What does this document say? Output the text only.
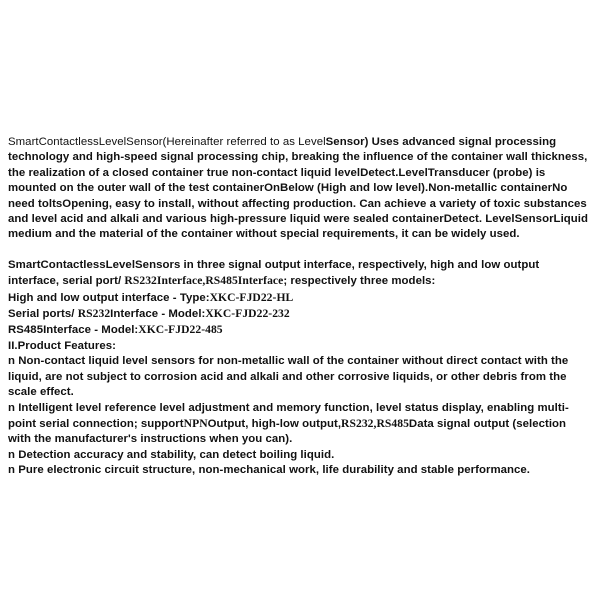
SmartContactlessLevelSensor(Hereinafter referred to as LevelSensor) Uses advanced signal processing technology and high-speed signal processing chip, breaking the influence of the container wall thickness, the realization of a closed container true non-contact liquid levelDetect.LevelTransducer (probe) is mounted on the outer wall of the test containerOnBelow (High and low level).Non-metallic containerNo need toltsOpening, easy to install, without affecting production. Can achieve a variety of toxic substances and level acid and alkali and various high-pressure liquid were sealed containerDetect. LevelSensorLiquid medium and the material of the container without special requirements, it can be widely used.

SmartContactlessLevelSensors in three signal output interface, respectively, high and low output interface, serial port/ RS232Interface,RS485Interface; respectively three models:

High and low output interface - Type:XKC-FJD22-HL

Serial ports/ RS232Interface - Model:XKC-FJD22-232

RS485Interface - Model:XKC-FJD22-485

II.Product Features:

n Non-contact liquid level sensors for non-metallic wall of the container without direct contact with the liquid, are not subject to corrosion acid and alkali and other corrosive liquids, or other debris from the scale effect.

n Intelligent level reference level adjustment and memory function, level status display, enabling multi-point serial connection; supportNPNOutput, high-low output,RS232,RS485Data signal output (selection with the manufacturer's instructions when you can).

n Detection accuracy and stability, can detect boiling liquid.

n Pure electronic circuit structure, non-mechanical work, life durability and stable performance.
